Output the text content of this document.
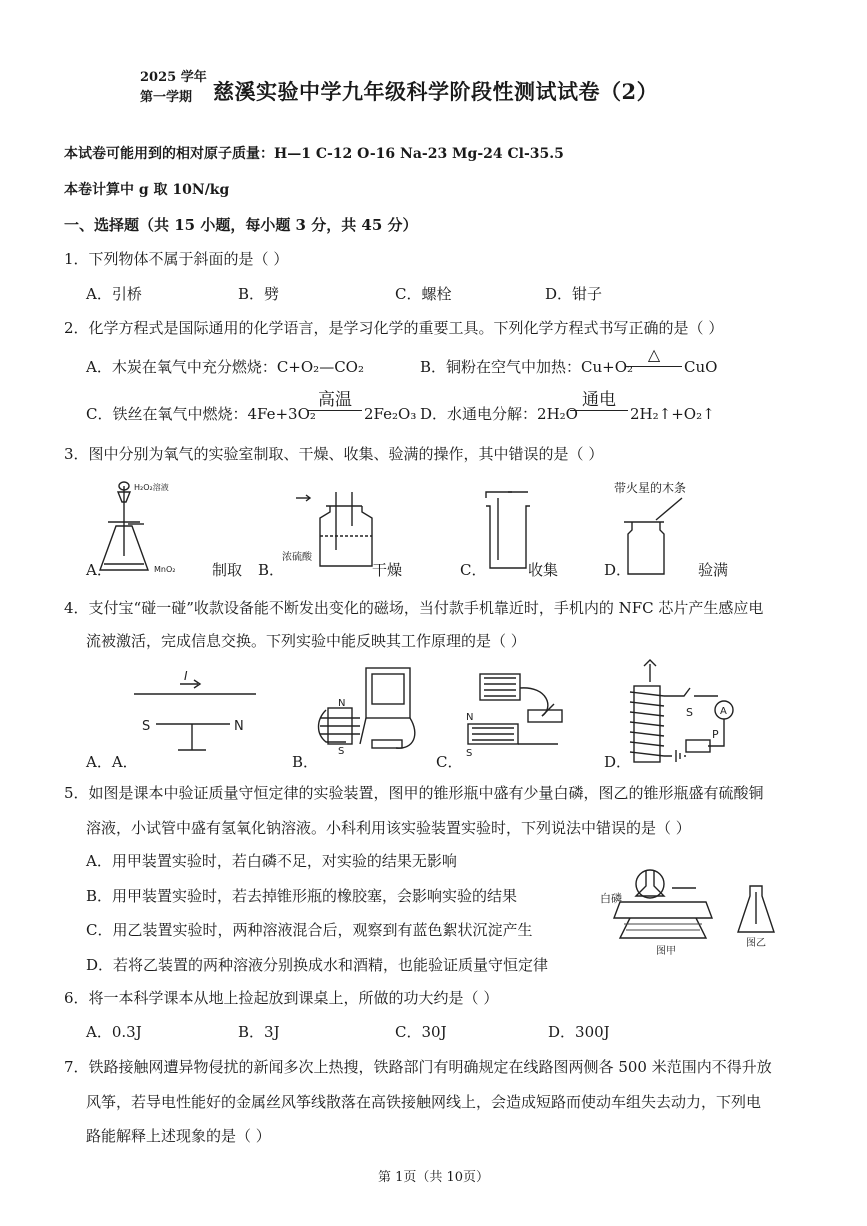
2025 学年
第一学期 慈溪实验中学九年级科学阶段性测试试卷（2）
本试卷可能用到的相对原子质量：H—1 C-12 O-16 Na-23 Mg-24 Cl-35.5
本卷计算中 g 取 10N/kg
一、选择题（共 15 小题，每小题 3 分，共 45 分）
1．下列物体不属于斜面的是（ ）
A．引桥	B．劈	C．螺栓	D．钳子
2．化学方程式是国际通用的化学语言，是学习化学的重要工具。下列化学方程式书写正确的是（ ）
A．木炭在氧气中充分燃烧：C+O₂—CO₂	B．铜粉在空气中加热：Cu+O₂
△
CuO
C．铁丝在氧气中燃烧：4Fe+3O₂
高温
2Fe₂O₃ D．水通电分解：2H₂O
通电
2H₂↑+O₂↑
3．图中分别为氧气的实验室制取、干燥、收集、验满的操作，其中错误的是（ ）
A．
H₂O₂溶液
MnO₂ 制取 B．
浓硫酸
干燥	C．	收集	D．
带火星的木条
验满
4．支付宝“碰一碰”收款设备能不断发出变化的磁场，当付款手机靠近时，手机内的 NFC 芯片产生感应电
流被激活，完成信息交换。下列实验中能反映其工作原理的是（ ）
A．A．
I
S	N
B．
N
S
C．
N
S	D．
A
S
P
5．如图是课本中验证质量守恒定律的实验装置，图甲的锥形瓶中盛有少量白磷，图乙的锥形瓶盛有硫酸铜
溶液，小试管中盛有氢氧化钠溶液。小科利用该实验装置实验时，下列说法中错误的是（ ）
A．用甲装置实验时，若白磷不足，对实验的结果无影响
B．用甲装置实验时，若去掉锥形瓶的橡胶塞，会影响实验的结果
C．用乙装置实验时，两种溶液混合后，观察到有蓝色絮状沉淀产生
D．若将乙装置的两种溶液分别换成水和酒精，也能验证质量守恒定律
白磷
图甲
图乙
6．将一本科学课本从地上捡起放到课桌上，所做的功大约是（ ）
A．0.3J	B．3J	C．30J	D．300J
7．铁路接触网遭异物侵扰的新闻多次上热搜，铁路部门有明确规定在线路图两侧各 500 米范围内不得升放
风筝，若导电性能好的金属丝风筝线散落在高铁接触网线上，会造成短路而使动车组失去动力，下列电
路能解释上述现象的是（ ）
第 1页（共 10页）
